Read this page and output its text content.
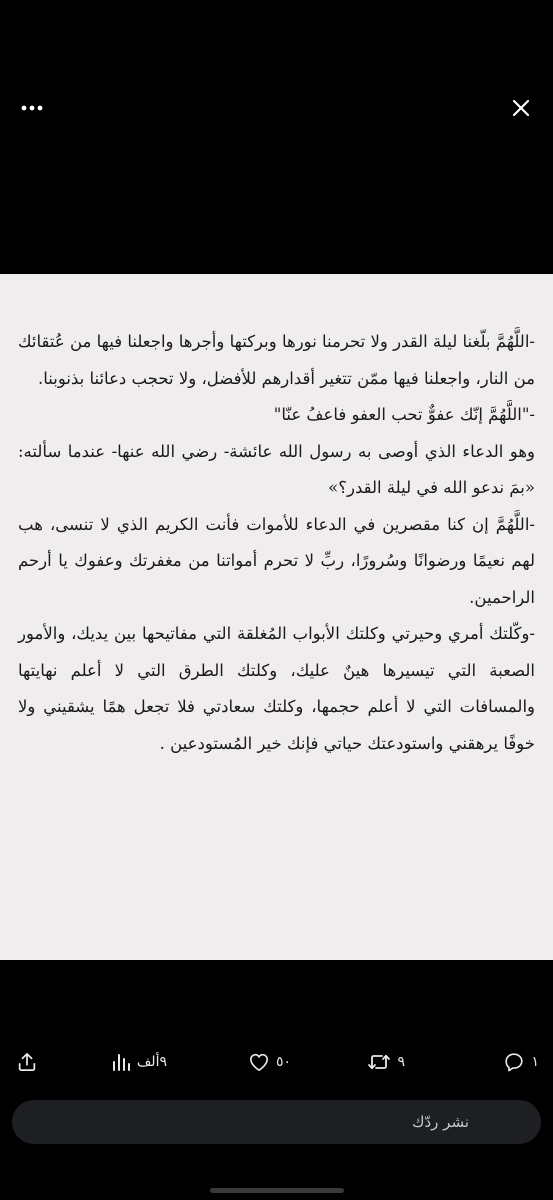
-اللَّهُمَّ بلّغنا ليلة القدر ولا تحرمنا نورها وبركتها وأجرها واجعلنا فيها من عُتقائك من النار، واجعلنا فيها ممّن تتغير أقدارهم للأفضل، ولا تحجب دعائنا بذنوبنا.

-"اللَّهُمَّ إنّك عفوٌّ تحب العفو فاعفُ عنّا"

وهو الدعاء الذي أوصى به رسول الله عائشة- رضي الله عنها- عندما سألته: «بمَ ندعو الله في ليلة القدر؟»

-اللَّهُمَّ إن كنا مقصرين في الدعاء للأموات فأنت الكريم الذي لا تنسى، هب لهم نعيمًا ورضوانًا وسُرورًا، ربِّ لا تحرم أمواتنا من مغفرتك وعفوك يا أرحم الراحمين.

-وكّلتك أمري وحيرتي وكلتك الأبواب المُغلقة التي مفاتيحها بين يديك، والأمور الصعبة التي تيسيرها هينٌ عليك، وكلتك الطرق التي لا أعلم نهايتها والمسافات التي لا أعلم حجمها، وكلتك سعادتي فلا تجعل همًا يشقيني ولا خوفًا يرهقني واستودعتك حياتي فإنك خير المُستودعين .

١
٩
٥٠
٩ألف
نشر ردّك
